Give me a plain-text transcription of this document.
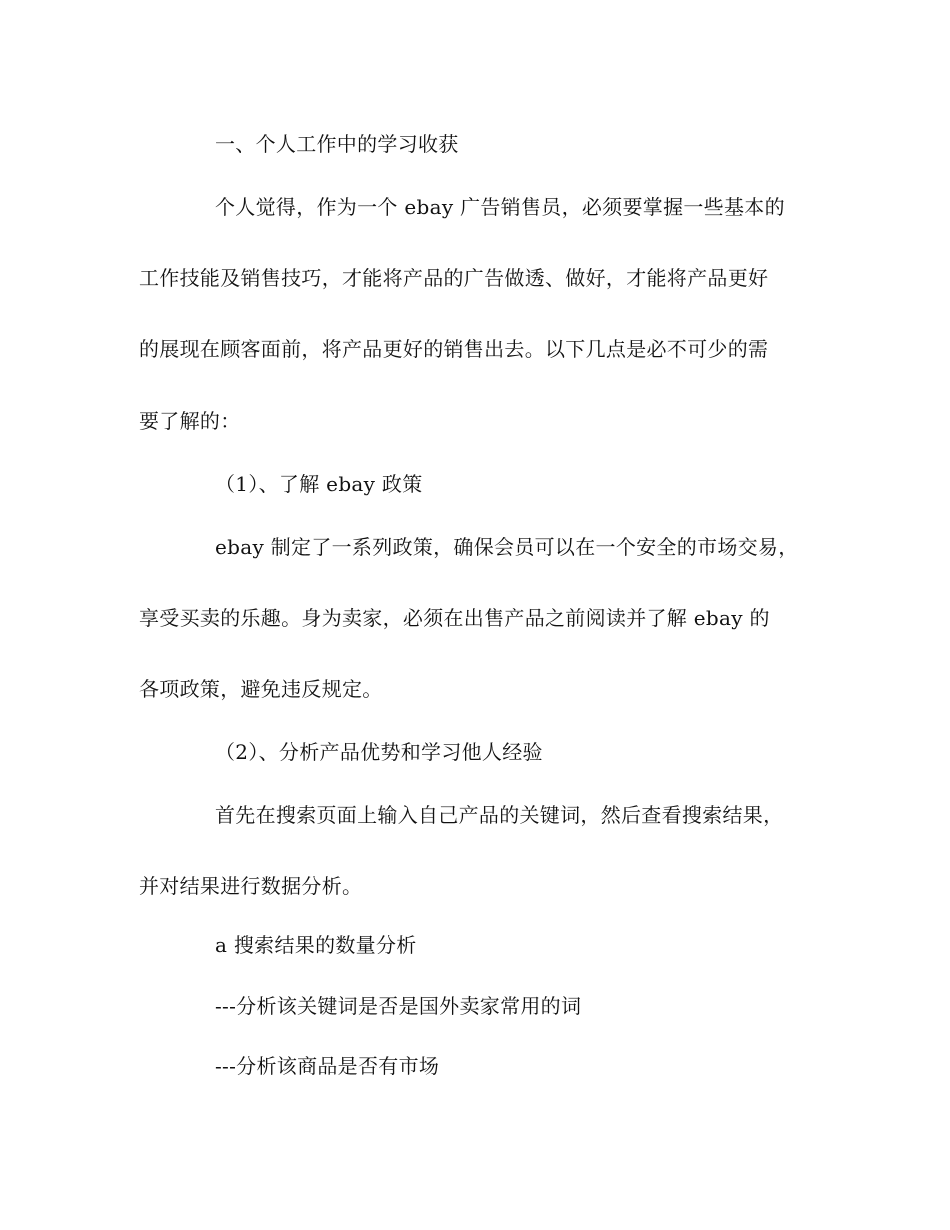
一、个人工作中的学习收获
个人觉得，作为一个 ebay 广告销售员，必须要掌握一些基本的
工作技能及销售技巧，才能将产品的广告做透、做好，才能将产品更好
的展现在顾客面前，将产品更好的销售出去。以下几点是必不可少的需
要了解的：
（1）、了解 ebay 政策
ebay 制定了一系列政策，确保会员可以在一个安全的市场交易，
享受买卖的乐趣。身为卖家，必须在出售产品之前阅读并了解 ebay 的
各项政策，避免违反规定。
（2）、分析产品优势和学习他人经验
首先在搜索页面上输入自己产品的关键词，然后查看搜索结果，
并对结果进行数据分析。
a 搜索结果的数量分析
---分析该关键词是否是国外卖家常用的词
---分析该商品是否有市场
